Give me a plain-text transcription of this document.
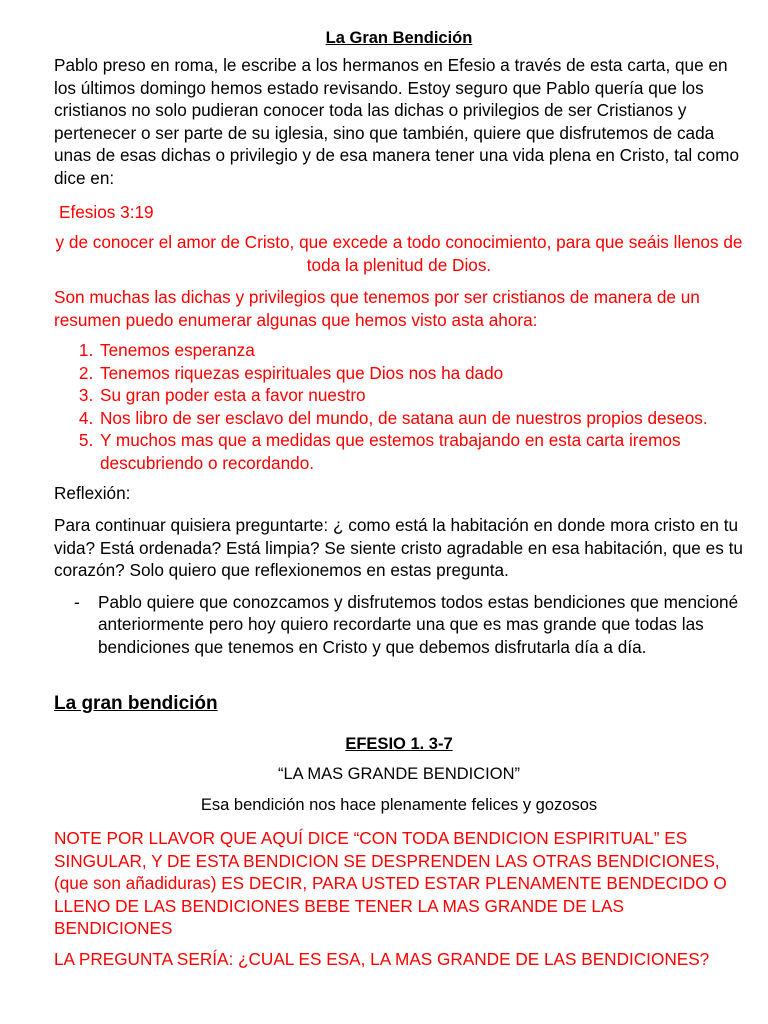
La Gran Bendición

Pablo preso en roma, le escribe a los hermanos en Efesio a través de esta carta, que en los últimos domingo hemos estado revisando. Estoy seguro que Pablo quería que los cristianos no solo pudieran conocer toda las dichas o privilegios de ser Cristianos y pertenecer o ser parte de su iglesia, sino que también, quiere que disfrutemos de cada unas de esas dichas o privilegio y de esa manera tener una vida plena en Cristo, tal como dice en:

Efesios 3:19

y de conocer el amor de Cristo, que excede a todo conocimiento, para que seáis llenos de toda la plenitud de Dios.

Son muchas las dichas y privilegios que tenemos por ser cristianos de manera de un resumen puedo enumerar algunas que hemos visto asta ahora:

1. Tenemos esperanza
2. Tenemos riquezas espirituales que Dios nos ha dado
3. Su gran poder esta a favor nuestro
4. Nos libro de ser esclavo del mundo, de satana aun de nuestros propios deseos.
5. Y muchos mas que a medidas que estemos trabajando en esta carta iremos descubriendo o recordando.

Reflexión:

Para continuar quisiera preguntarte: ¿ como está la habitación en donde mora cristo en tu vida? Está ordenada? Está limpia? Se siente cristo agradable en esa habitación, que es tu corazón? Solo quiero que reflexionemos en estas pregunta.

- Pablo quiere que conozcamos y disfrutemos todos estas bendiciones que mencioné anteriormente pero hoy quiero recordarte una que es mas grande que todas las bendiciones que tenemos en Cristo y que debemos disfrutarla día a día.

La gran bendición

EFESIO 1. 3-7

“LA MAS GRANDE BENDICION”

Esa bendición nos hace plenamente felices y gozosos

NOTE POR LLAVOR QUE AQUÍ DICE “CON TODA BENDICION ESPIRITUAL” ES SINGULAR, Y DE ESTA BENDICION SE DESPRENDEN LAS OTRAS BENDICIONES, (que son añadiduras) ES DECIR, PARA USTED ESTAR PLENAMENTE BENDECIDO O LLENO DE LAS BENDICIONES BEBE TENER LA MAS GRANDE DE LAS BENDICIONES

LA PREGUNTA SERÍA: ¿CUAL ES ESA, LA MAS GRANDE DE LAS BENDICIONES?
